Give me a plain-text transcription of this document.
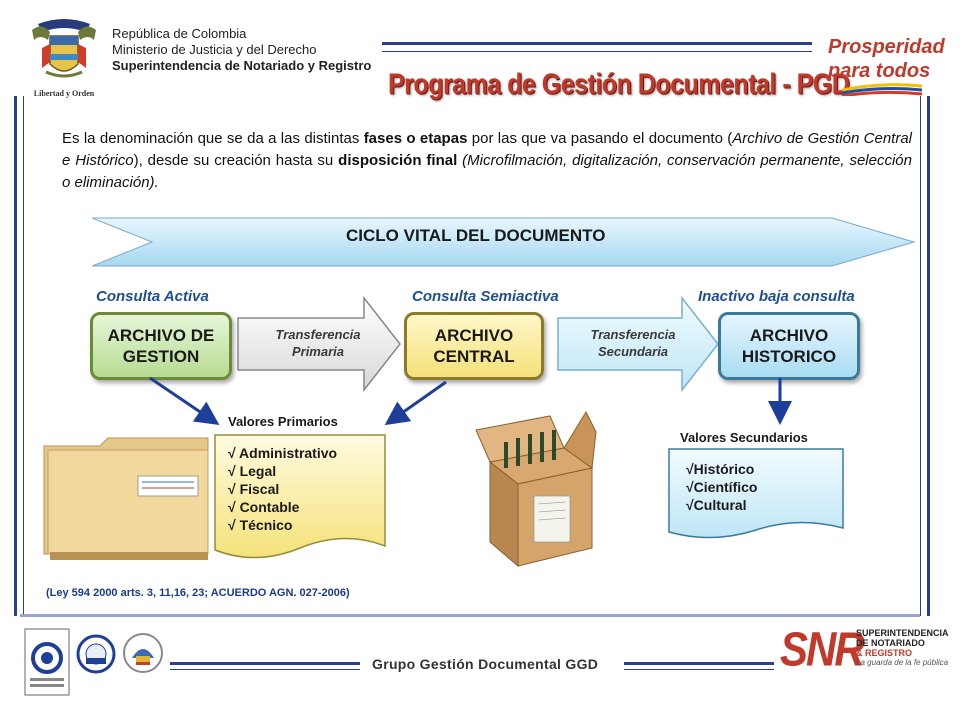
Libertad y Orden
República de Colombia
Ministerio de Justicia y del Derecho
Superintendencia de Notariado y Registro
Programa de Gestión Documental - PGD
Prosperidad
para todos
Es la denominación que se da a las distintas fases o etapas por las que va pasando el documento (Archivo de Gestión Central e Histórico), desde su creación hasta su disposición final (Microfilmación, digitalización, conservación permanente, selección o eliminación).
CICLO VITAL DEL DOCUMENTO
Consulta Activa	Consulta Semiactiva	Inactivo baja consulta
Transferencia
Primaria
Transferencia
Secundaria
ARCHIVO DE
GESTION
ARCHIVO
CENTRAL
ARCHIVO
HISTORICO
Valores Primarios
√ Administrativo
√ Legal
√ Fiscal
√ Contable
√ Técnico
Valores Secundarios
√Histórico
√Científico
√Cultural
(Ley 594 2000 arts. 3, 11,16, 23; ACUERDO AGN. 027-2006)
Grupo Gestión Documental GGD	SNR
SUPERINTENDENCIA
DE NOTARIADO
& REGISTRO
La guarda de la fe pública
